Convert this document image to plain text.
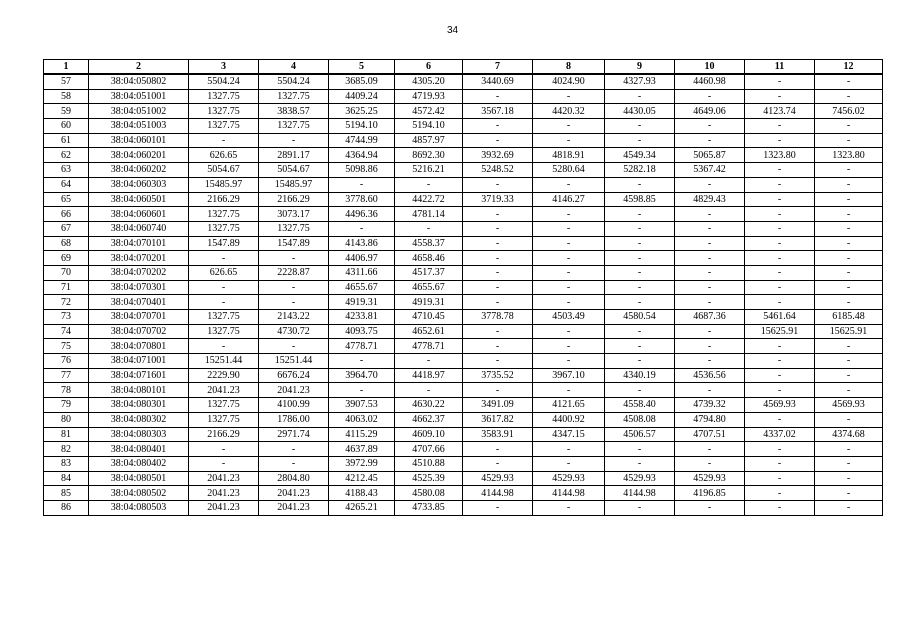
34
1	2	3	4	5	6	7	8	9	10	11	12
57	38:04:050802	5504.24	5504.24	3685.09	4305.20	3440.69	4024.90	4327.93	4460.98	-	-
58	38:04:051001	1327.75	1327.75	4409.24	4719.93	-	-	-	-	-	-
59	38:04:051002	1327.75	3838.57	3625.25	4572.42	3567.18	4420.32	4430.05	4649.06	4123.74	7456.02
60	38:04:051003	1327.75	1327.75	5194.10	5194.10	-	-	-	-	-	-
61	38:04:060101	-	-	4744.99	4857.97	-	-	-	-	-	-
62	38:04:060201	626.65	2891.17	4364.94	8692.30	3932.69	4818.91	4549.34	5065.87	1323.80	1323.80
63	38:04:060202	5054.67	5054.67	5098.86	5216.21	5248.52	5280.64	5282.18	5367.42	-	-
64	38:04:060303	15485.97	15485.97	-	-	-	-	-	-	-	-
65	38:04:060501	2166.29	2166.29	3778.60	4422.72	3719.33	4146.27	4598.85	4829.43	-	-
66	38:04:060601	1327.75	3073.17	4496.36	4781.14	-	-	-	-	-	-
67	38:04:060740	1327.75	1327.75	-	-	-	-	-	-	-	-
68	38:04:070101	1547.89	1547.89	4143.86	4558.37	-	-	-	-	-	-
69	38:04:070201	-	-	4406.97	4658.46	-	-	-	-	-	-
70	38:04:070202	626.65	2228.87	4311.66	4517.37	-	-	-	-	-	-
71	38:04:070301	-	-	4655.67	4655.67	-	-	-	-	-	-
72	38:04:070401	-	-	4919.31	4919.31	-	-	-	-	-	-
73	38:04:070701	1327.75	2143.22	4233.81	4710.45	3778.78	4503.49	4580.54	4687.36	5461.64	6185.48
74	38:04:070702	1327.75	4730.72	4093.75	4652.61	-	-	-	-	15625.91	15625.91
75	38:04:070801	-	-	4778.71	4778.71	-	-	-	-	-	-
76	38:04:071001	15251.44	15251.44	-	-	-	-	-	-	-	-
77	38:04:071601	2229.90	6676.24	3964.70	4418.97	3735.52	3967.10	4340.19	4536.56	-	-
78	38:04:080101	2041.23	2041.23	-	-	-	-	-	-	-	-
79	38:04:080301	1327.75	4100.99	3907.53	4630.22	3491.09	4121.65	4558.40	4739.32	4569.93	4569.93
80	38:04:080302	1327.75	1786.00	4063.02	4662.37	3617.82	4400.92	4508.08	4794.80	-	-
81	38:04:080303	2166.29	2971.74	4115.29	4609.10	3583.91	4347.15	4506.57	4707.51	4337.02	4374.68
82	38:04:080401	-	-	4637.89	4707.66	-	-	-	-	-	-
83	38:04:080402	-	-	3972.99	4510.88	-	-	-	-	-	-
84	38:04:080501	2041.23	2804.80	4212.45	4525.39	4529.93	4529.93	4529.93	4529.93	-	-
85	38:04:080502	2041.23	2041.23	4188.43	4580.08	4144.98	4144.98	4144.98	4196.85	-	-
86	38:04:080503	2041.23	2041.23	4265.21	4733.85	-	-	-	-	-	-
